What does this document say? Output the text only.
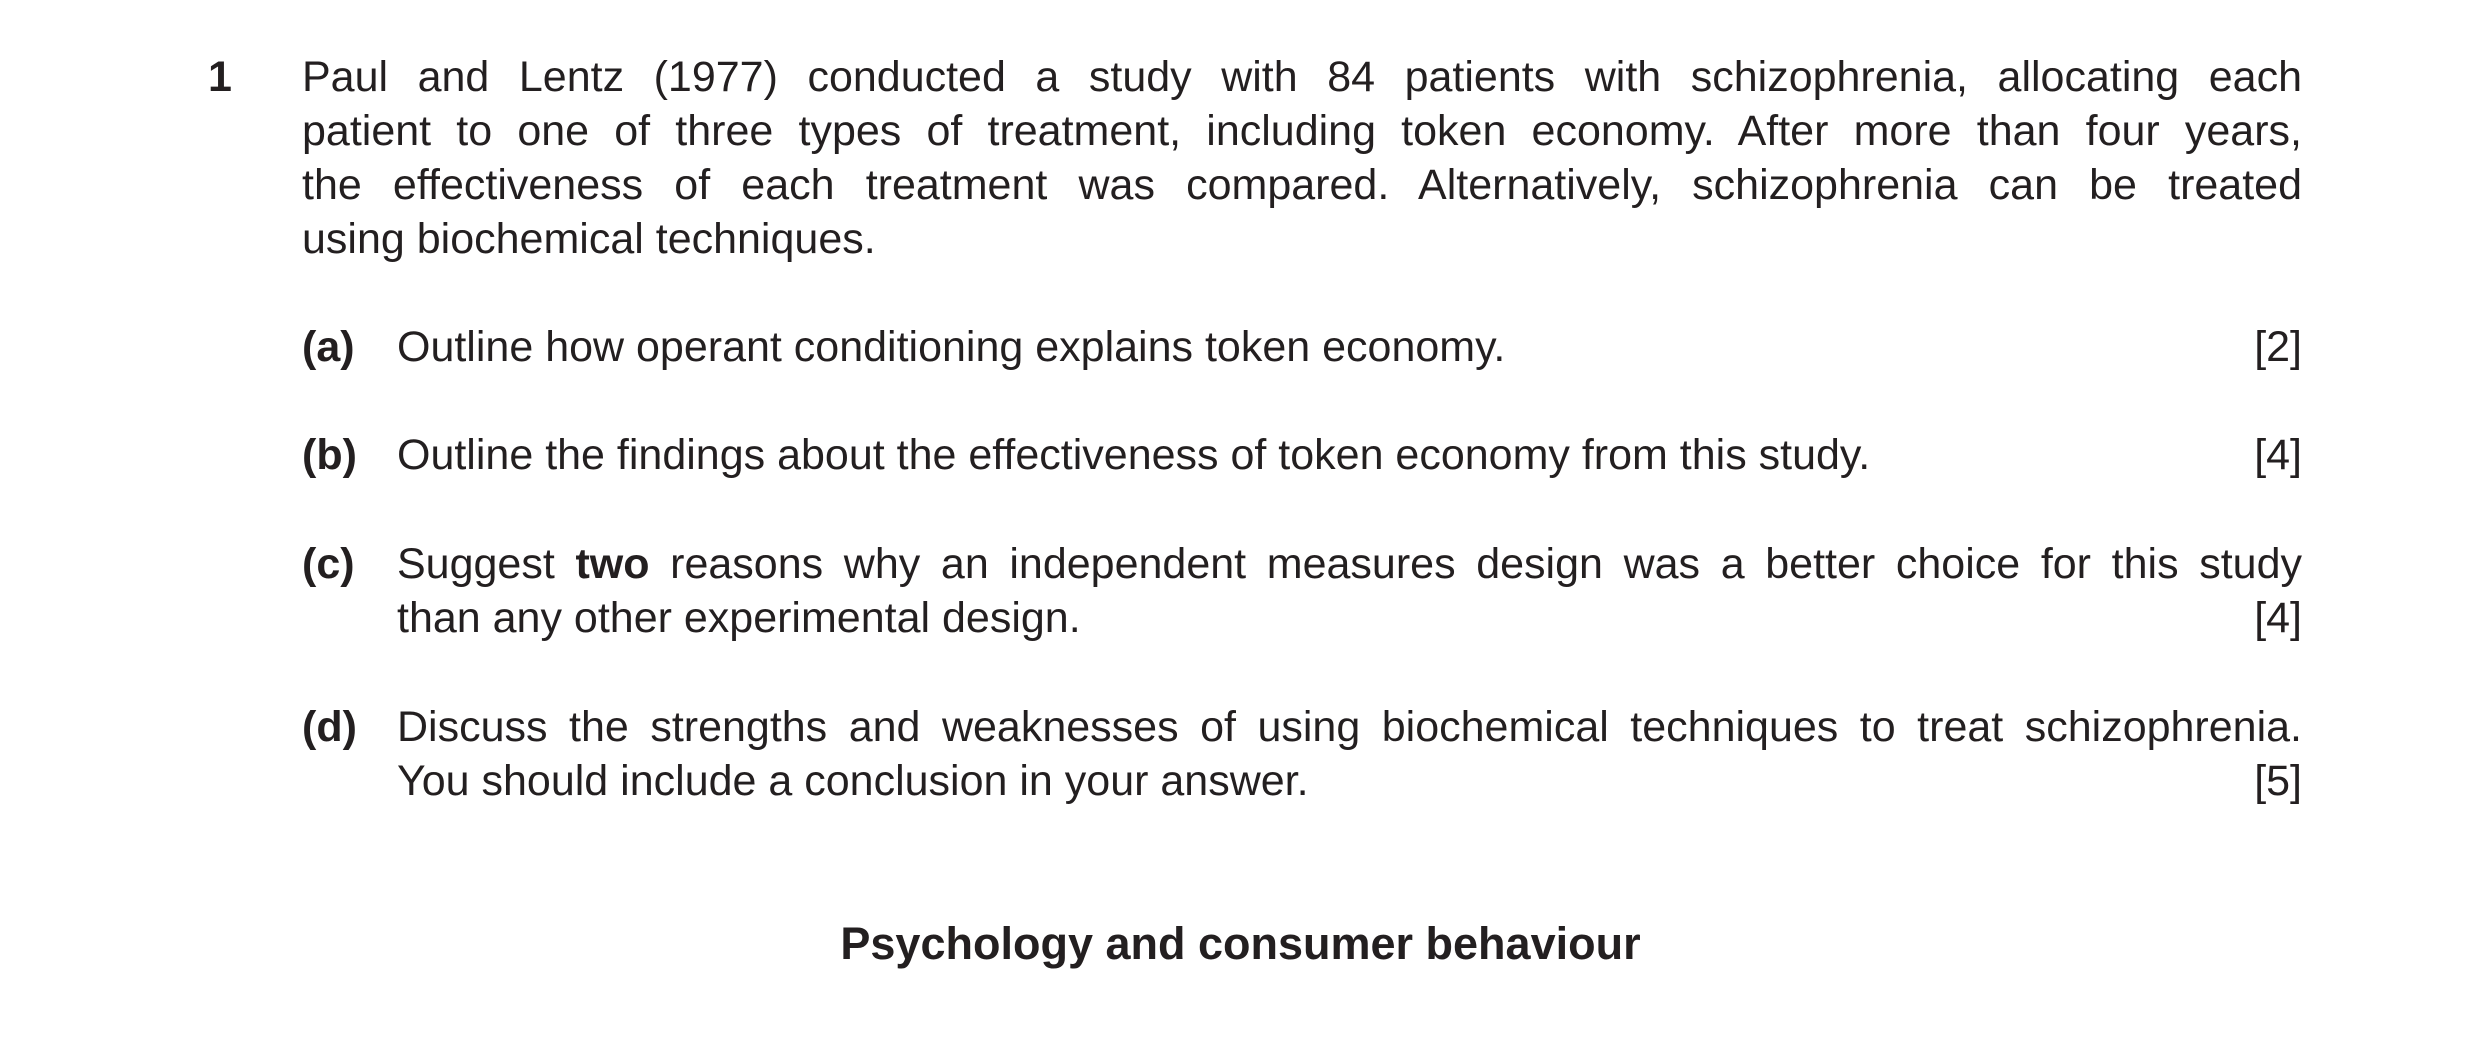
1 Paul and Lentz (1977) conducted a study with 84 patients with schizophrenia, allocating each
patient to one of three types of treatment, including token economy. After more than four years,
the effectiveness of each treatment was compared. Alternatively, schizophrenia can be treated
using biochemical techniques.
(a) Outline how operant conditioning explains token economy.	[2]
(b) Outline the findings about the effectiveness of token economy from this study.	[4]
(c) Suggest two reasons why an independent measures design was a better choice for this study
than any other experimental design.	[4]
(d) Discuss the strengths and weaknesses of using biochemical techniques to treat schizophrenia.
You should include a conclusion in your answer.	[5]
Psychology and consumer behaviour
